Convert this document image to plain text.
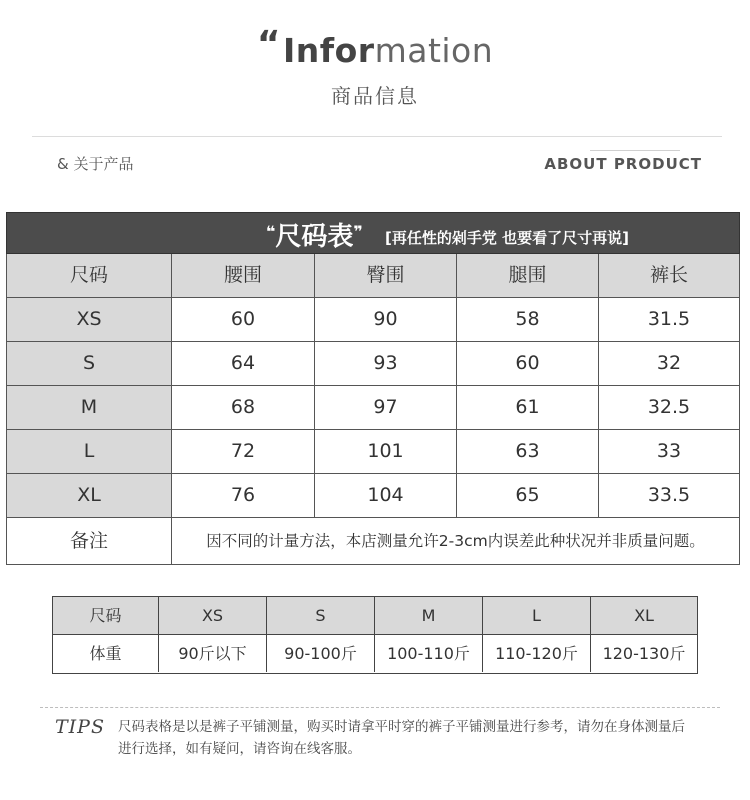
“Information
商品信息
& 关于产品	ABOUT PRODUCT
❝尺码表❞ [再任性的剁手党 也要看了尺寸再说]
尺码	腰围	臀围	腿围	裤长
XS	60	90	58	31.5
S	64	93	60	32
M	68	97	61	32.5
L	72	101	63	33
XL	76	104	65	33.5
备注	因不同的计量方法，本店测量允许2-3cm内误差此种状况并非质量问题。
尺码	XS	S	M	L	XL
体重	90斤以下	90-100斤	100-110斤	110-120斤	120-130斤
TIPS 尺码表格是以是裤子平铺测量，购买时请拿平时穿的裤子平铺测量进行参考，请勿在身体测量后进行选择，如有疑问，请咨询在线客服。
